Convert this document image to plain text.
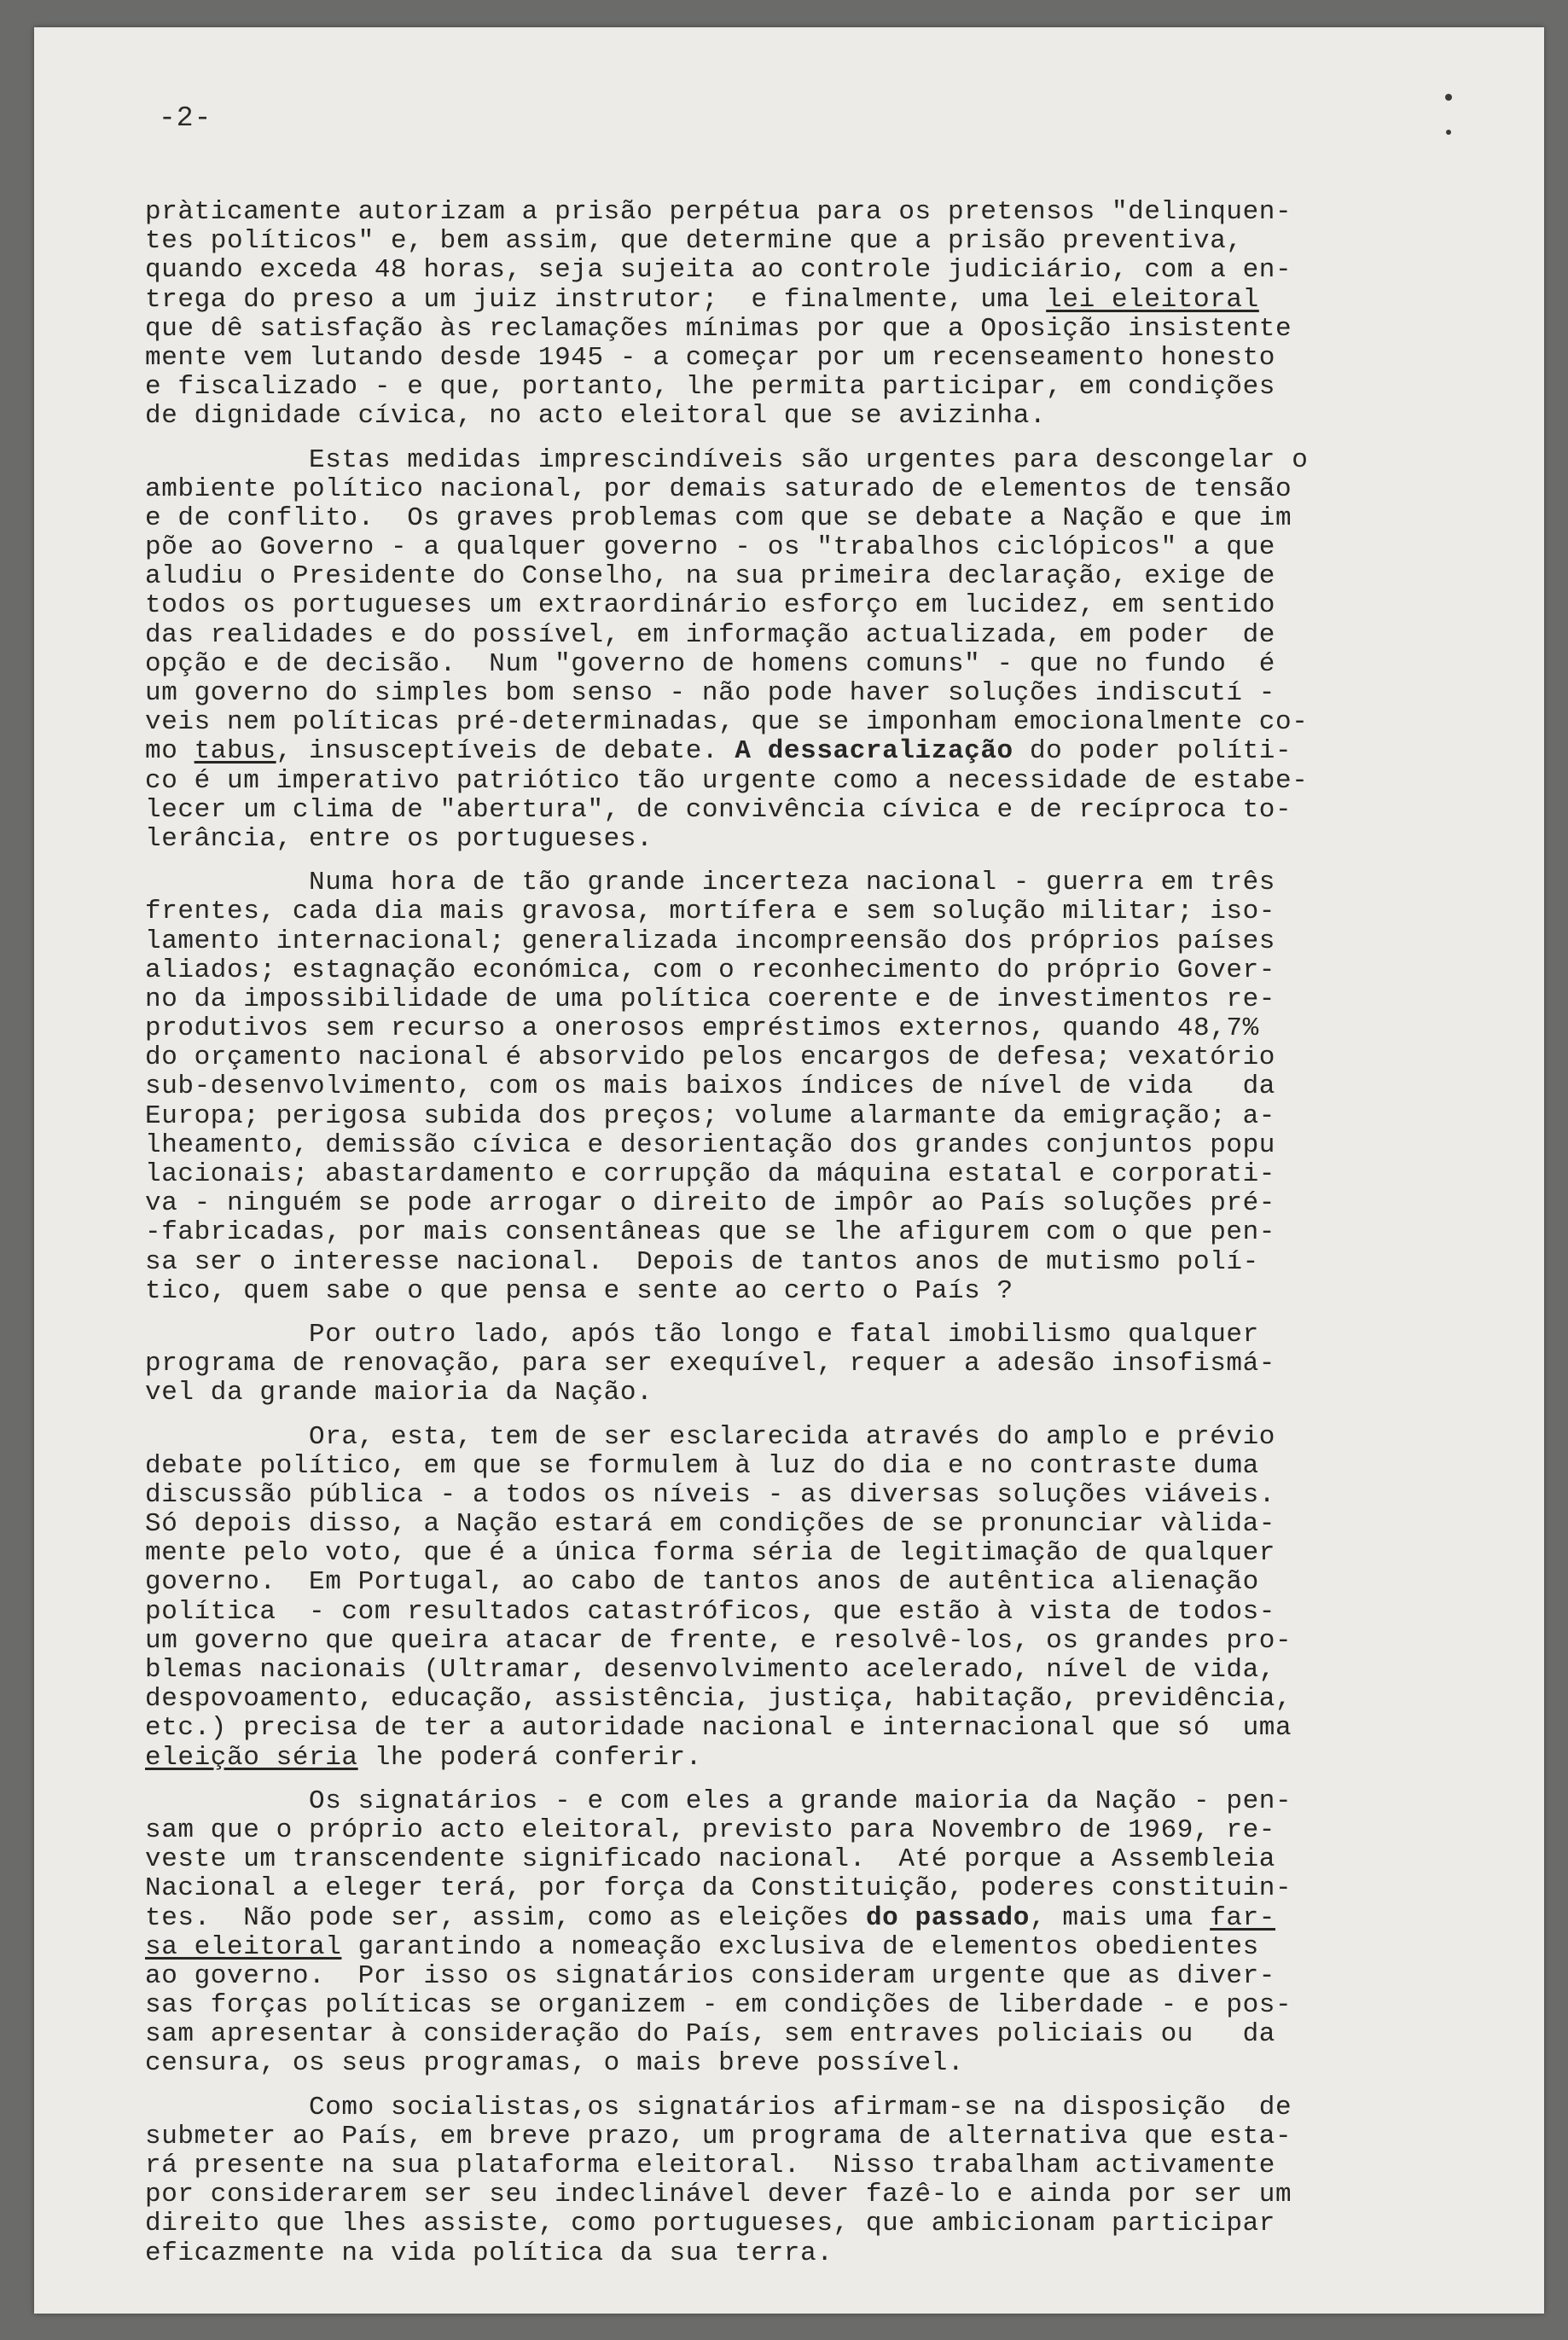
-2-
pràticamente autorizam a prisão perpétua para os pretensos "delinquen-
tes políticos" e, bem assim, que determine que a prisão preventiva,
quando exceda 48 horas, seja sujeita ao controle judiciário, com a en-
trega do preso a um juiz instrutor;  e finalmente, uma lei eleitoral
que dê satisfação às reclamações mínimas por que a Oposição insistente
mente vem lutando desde 1945 - a começar por um recenseamento honesto
e fiscalizado - e que, portanto, lhe permita participar, em condições
de dignidade cívica, no acto eleitoral que se avizinha.
Estas medidas imprescindíveis são urgentes para descongelar o
ambiente político nacional, por demais saturado de elementos de tensão
e de conflito.  Os graves problemas com que se debate a Nação e que im
põe ao Governo - a qualquer governo - os "trabalhos ciclópicos" a que
aludiu o Presidente do Conselho, na sua primeira declaração, exige de
todos os portugueses um extraordinário esforço em lucidez, em sentido
das realidades e do possível, em informação actualizada, em poder  de
opção e de decisão.  Num "governo de homens comuns" - que no fundo  é
um governo do simples bom senso - não pode haver soluções indiscutí -
veis nem políticas pré-determinadas, que se imponham emocionalmente co-
mo tabus, insusceptíveis de debate. A dessacralização do poder políti-
co é um imperativo patriótico tão urgente como a necessidade de estabe-
lecer um clima de "abertura", de convivência cívica e de recíproca to-
lerância, entre os portugueses.
Numa hora de tão grande incerteza nacional - guerra em três
frentes, cada dia mais gravosa, mortífera e sem solução militar; iso-
lamento internacional; generalizada incompreensão dos próprios países
aliados; estagnação económica, com o reconhecimento do próprio Gover-
no da impossibilidade de uma política coerente e de investimentos re-
produtivos sem recurso a onerosos empréstimos externos, quando 48,7%
do orçamento nacional é absorvido pelos encargos de defesa; vexatório
sub-desenvolvimento, com os mais baixos índices de nível de vida   da
Europa; perigosa subida dos preços; volume alarmante da emigração; a-
lheamento, demissão cívica e desorientação dos grandes conjuntos popu
lacionais; abastardamento e corrupção da máquina estatal e corporati-
va - ninguém se pode arrogar o direito de impôr ao País soluções pré-
-fabricadas, por mais consentâneas que se lhe afigurem com o que pen-
sa ser o interesse nacional.  Depois de tantos anos de mutismo polí-
tico, quem sabe o que pensa e sente ao certo o País ?
Por outro lado, após tão longo e fatal imobilismo qualquer
programa de renovação, para ser exequível, requer a adesão insofismá-
vel da grande maioria da Nação.
Ora, esta, tem de ser esclarecida através do amplo e prévio
debate político, em que se formulem à luz do dia e no contraste duma
discussão pública - a todos os níveis - as diversas soluções viáveis.
Só depois disso, a Nação estará em condições de se pronunciar vàlida-
mente pelo voto, que é a única forma séria de legitimação de qualquer
governo.  Em Portugal, ao cabo de tantos anos de autêntica alienação
política  - com resultados catastróficos, que estão à vista de todos-
um governo que queira atacar de frente, e resolvê-los, os grandes pro-
blemas nacionais (Ultramar, desenvolvimento acelerado, nível de vida,
despovoamento, educação, assistência, justiça, habitação, previdência,
etc.) precisa de ter a autoridade nacional e internacional que só  uma
eleição séria lhe poderá conferir.
Os signatários - e com eles a grande maioria da Nação - pen-
sam que o próprio acto eleitoral, previsto para Novembro de 1969, re-
veste um transcendente significado nacional.  Até porque a Assembleia
Nacional a eleger terá, por força da Constituição, poderes constituin-
tes.  Não pode ser, assim, como as eleições do passado, mais uma far-
sa eleitoral garantindo a nomeação exclusiva de elementos obedientes
ao governo.  Por isso os signatários consideram urgente que as diver-
sas forças políticas se organizem - em condições de liberdade - e pos-
sam apresentar à consideração do País, sem entraves policiais ou   da
censura, os seus programas, o mais breve possível.
Como socialistas,os signatários afirmam-se na disposição  de
submeter ao País, em breve prazo, um programa de alternativa que esta-
rá presente na sua plataforma eleitoral.  Nisso trabalham activamente
por considerarem ser seu indeclinável dever fazê-lo e ainda por ser um
direito que lhes assiste, como portugueses, que ambicionam participar
eficazmente na vida política da sua terra.
